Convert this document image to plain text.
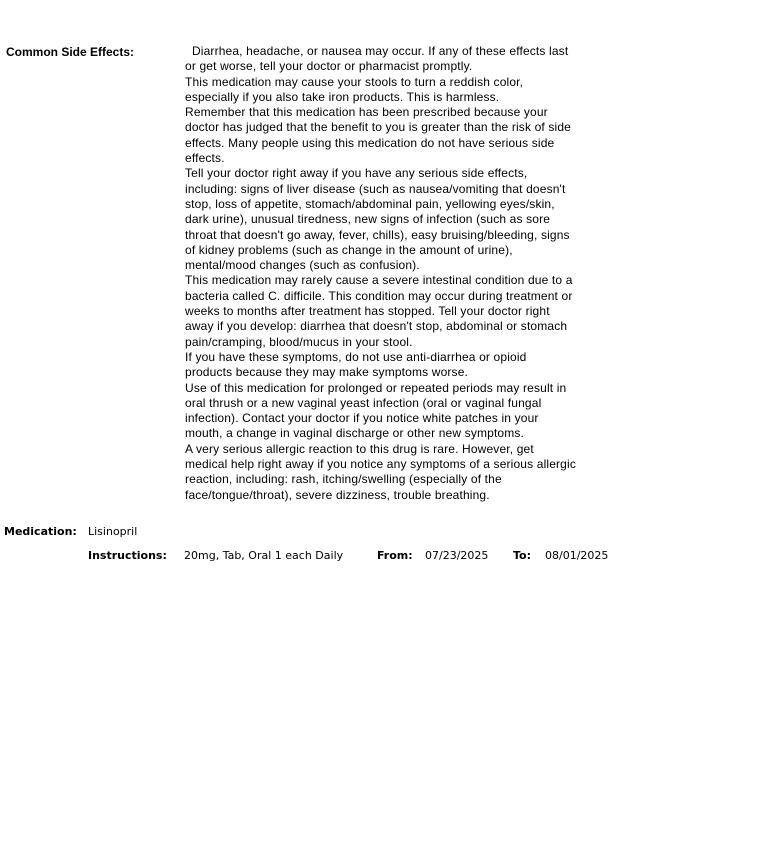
Common Side Effects:	Diarrhea, headache, or nausea may occur. If any of these effects last
or get worse, tell your doctor or pharmacist promptly.
This medication may cause your stools to turn a reddish color,
especially if you also take iron products. This is harmless.
Remember that this medication has been prescribed because your
doctor has judged that the benefit to you is greater than the risk of side
effects. Many people using this medication do not have serious side
effects.
Tell your doctor right away if you have any serious side effects,
including: signs of liver disease (such as nausea/vomiting that doesn't
stop, loss of appetite, stomach/abdominal pain, yellowing eyes/skin,
dark urine), unusual tiredness, new signs of infection (such as sore
throat that doesn't go away, fever, chills), easy bruising/bleeding, signs
of kidney problems (such as change in the amount of urine),
mental/mood changes (such as confusion).
This medication may rarely cause a severe intestinal condition due to a
bacteria called C. difficile. This condition may occur during treatment or
weeks to months after treatment has stopped. Tell your doctor right
away if you develop: diarrhea that doesn't stop, abdominal or stomach
pain/cramping, blood/mucus in your stool.
If you have these symptoms, do not use anti-diarrhea or opioid
products because they may make symptoms worse.
Use of this medication for prolonged or repeated periods may result in
oral thrush or a new vaginal yeast infection (oral or vaginal fungal
infection). Contact your doctor if you notice white patches in your
mouth, a change in vaginal discharge or other new symptoms.
A very serious allergic reaction to this drug is rare. However, get
medical help right away if you notice any symptoms of a serious allergic
reaction, including: rash, itching/swelling (especially of the
face/tongue/throat), severe dizziness, trouble breathing.
Medication: Lisinopril
Instructions: 20mg, Tab, Oral 1 each Daily	From: 07/23/2025 To: 08/01/2025
